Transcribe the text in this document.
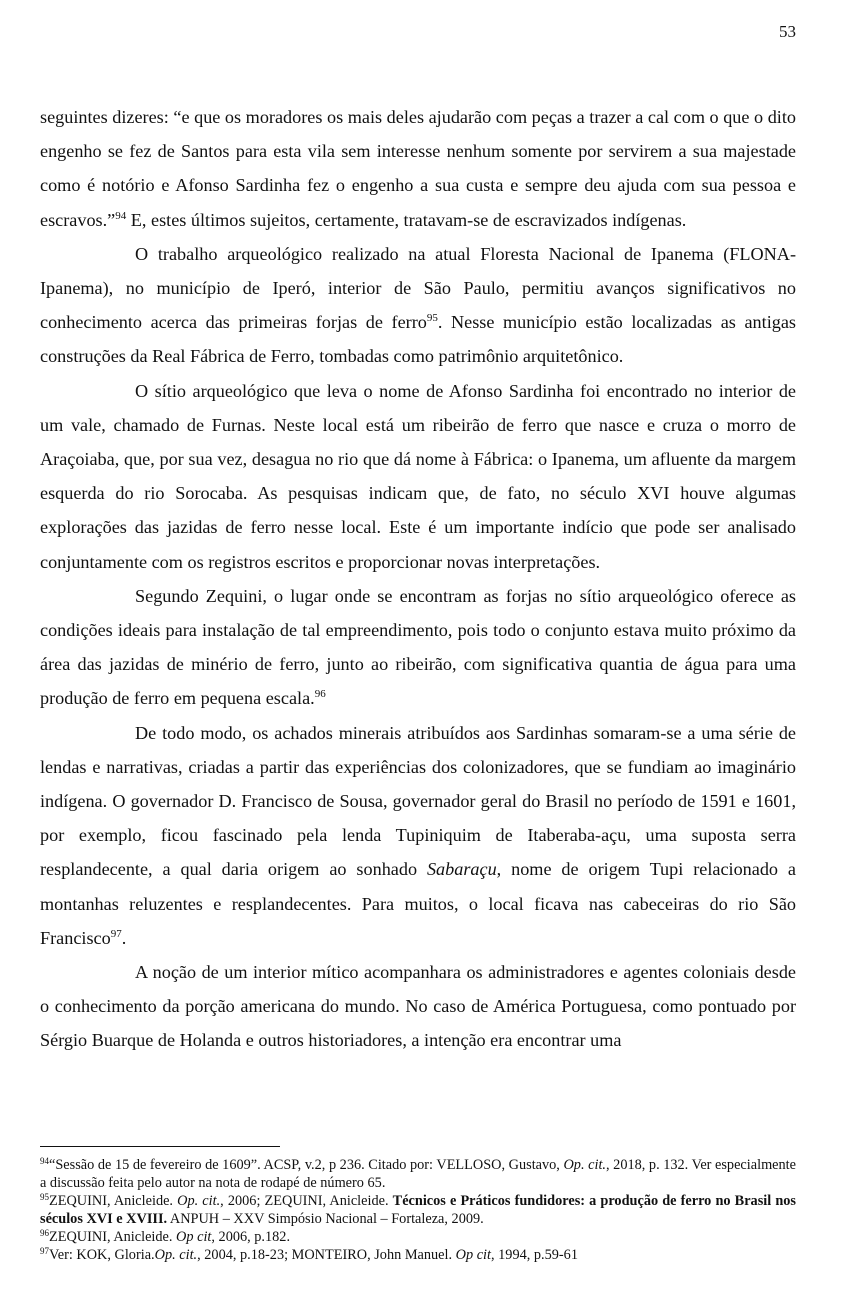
53

seguintes dizeres: “e que os moradores os mais deles ajudarão com peças a trazer a cal com o que o dito engenho se fez de Santos para esta vila sem interesse nenhum somente por servirem a sua majestade como é notório e Afonso Sardinha fez o engenho a sua custa e sempre deu ajuda com sua pessoa e escravos.”$^{94}$ E, estes últimos sujeitos, certamente, tratavam-se de escravizados indígenas.

O trabalho arqueológico realizado na atual Floresta Nacional de Ipanema (FLONA-Ipanema), no município de Iperó, interior de São Paulo, permitiu avanços significativos no conhecimento acerca das primeiras forjas de ferro$^{95}$. Nesse município estão localizadas as antigas construções da Real Fábrica de Ferro, tombadas como patrimônio arquitetônico.

O sítio arqueológico que leva o nome de Afonso Sardinha foi encontrado no interior de um vale, chamado de Furnas. Neste local está um ribeirão de ferro que nasce e cruza o morro de Araçoiaba, que, por sua vez, desagua no rio que dá nome à Fábrica: o Ipanema, um afluente da margem esquerda do rio Sorocaba. As pesquisas indicam que, de fato, no século XVI houve algumas explorações das jazidas de ferro nesse local. Este é um importante indício que pode ser analisado conjuntamente com os registros escritos e proporcionar novas interpretações.

Segundo Zequini, o lugar onde se encontram as forjas no sítio arqueológico oferece as condições ideais para instalação de tal empreendimento, pois todo o conjunto estava muito próximo da área das jazidas de minério de ferro, junto ao ribeirão, com significativa quantia de água para uma produção de ferro em pequena escala.$^{96}$

De todo modo, os achados minerais atribuídos aos Sardinhas somaram-se a uma série de lendas e narrativas, criadas a partir das experiências dos colonizadores, que se fundiam ao imaginário indígena. O governador D. Francisco de Sousa, governador geral do Brasil no período de 1591 e 1601, por exemplo, ficou fascinado pela lenda Tupiniquim de Itaberaba-açu, uma suposta serra resplandecente, a qual daria origem ao sonhado Sabaraçu, nome de origem Tupi relacionado a montanhas reluzentes e resplandecentes. Para muitos, o local ficava nas cabeceiras do rio São Francisco$^{97}$.

A noção de um interior mítico acompanhara os administradores e agentes coloniais desde o conhecimento da porção americana do mundo. No caso de América Portuguesa, como pontuado por Sérgio Buarque de Holanda e outros historiadores, a intenção era encontrar uma

$^{94}$“Sessão de 15 de fevereiro de 1609”. ACSP, v.2, p 236. Citado por: VELLOSO, Gustavo, Op. cit., 2018, p. 132. Ver especialmente a discussão feita pelo autor na nota de rodapé de número 65.

$^{95}$ZEQUINI, Anicleide. Op. cit., 2006; ZEQUINI, Anicleide. Técnicos e Práticos fundidores: a produção de ferro no Brasil nos séculos XVI e XVIII. ANPUH – XXV Simpósio Nacional – Fortaleza, 2009.

$^{96}$ZEQUINI, Anicleide. Op cit, 2006, p.182.

$^{97}$Ver: KOK, Gloria.Op. cit., 2004, p.18-23; MONTEIRO, John Manuel. Op cit, 1994, p.59-61
